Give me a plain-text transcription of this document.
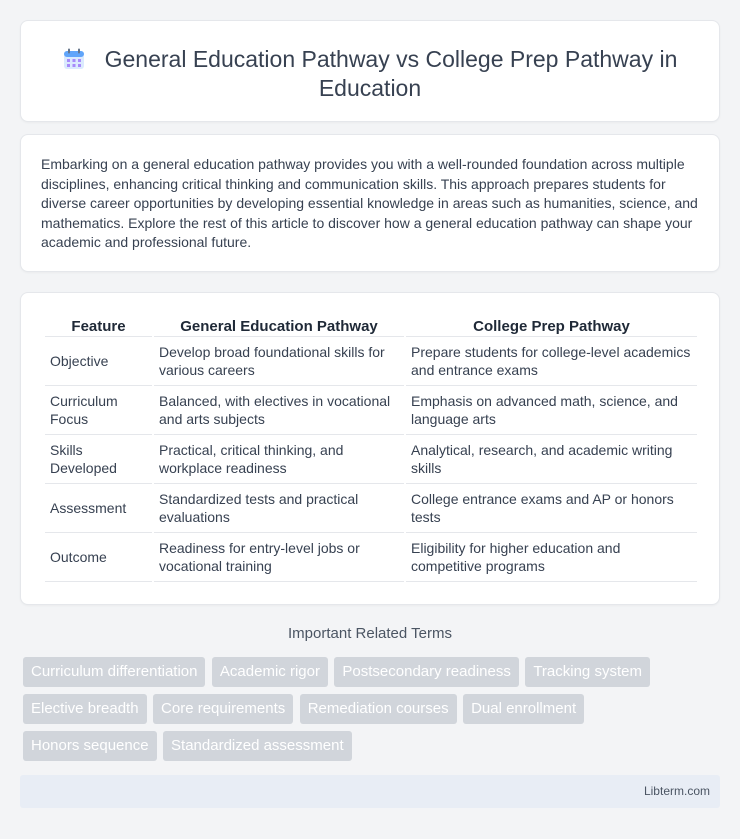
General Education Pathway vs College Prep Pathway in Education

Embarking on a general education pathway provides you with a well-rounded foundation across multiple disciplines, enhancing critical thinking and communication skills. This approach prepares students for diverse career opportunities by developing essential knowledge in areas such as humanities, science, and mathematics. Explore the rest of this article to discover how a general education pathway can shape your academic and professional future.

Feature	General Education Pathway	College Prep Pathway
Objective	Develop broad foundational skills for various careers	Prepare students for college-level academics and entrance exams
Curriculum Focus	Balanced, with electives in vocational and arts subjects	Emphasis on advanced math, science, and language arts
Skills Developed	Practical, critical thinking, and workplace readiness	Analytical, research, and academic writing skills
Assessment	Standardized tests and practical evaluations	College entrance exams and AP or honors tests
Outcome	Readiness for entry-level jobs or vocational training	Eligibility for higher education and competitive programs
Important Related Terms
Curriculum differentiation Academic rigor Postsecondary readiness Tracking system Elective breadth Core requirements Remediation courses Dual enrollment Honors sequence Standardized assessment
Libterm.com
